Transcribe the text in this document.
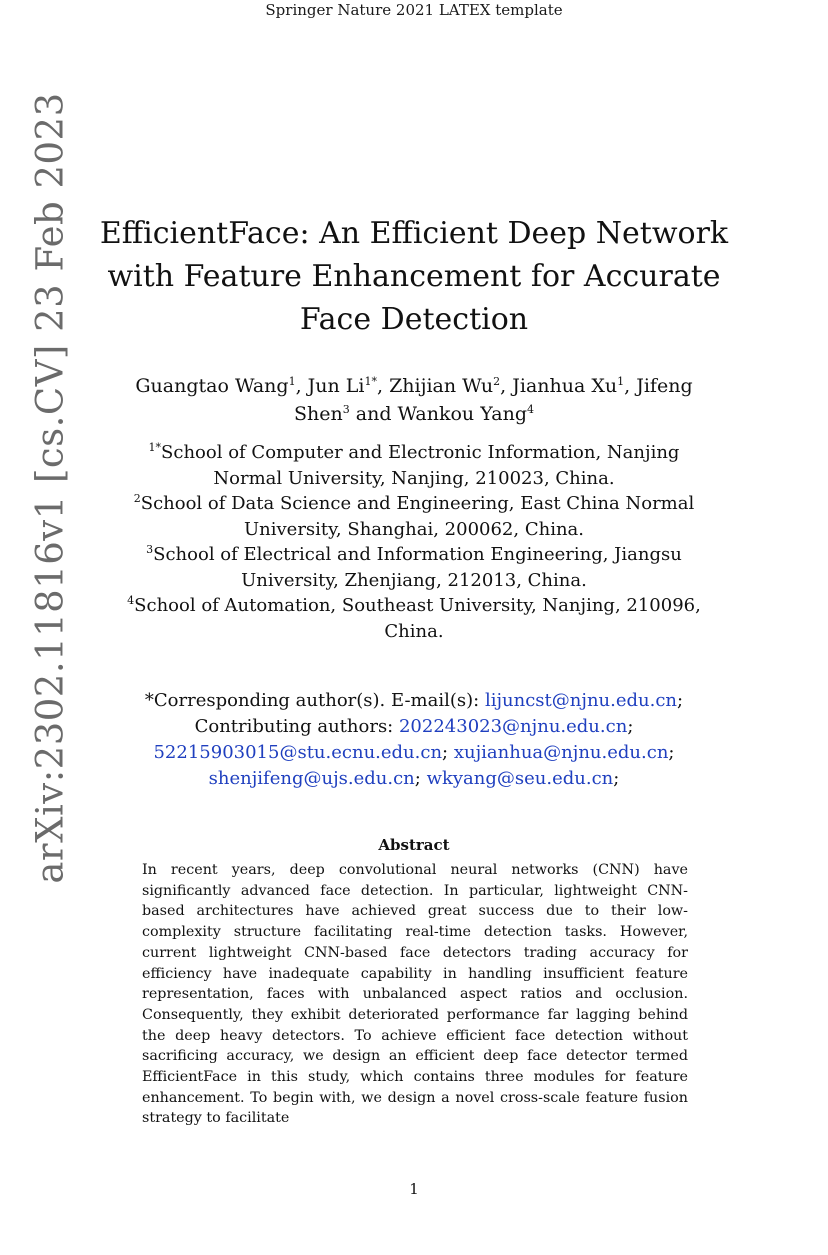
Springer Nature 2021 LATEX template
arXiv:2302.11816v1 [cs.CV] 23 Feb 2023 EfficientFace: An Efficient Deep Network with Feature Enhancement for Accurate Face Detection
Guangtao Wang$^1$, Jun $Li^{1*}$, Zhijian Wu$^2$, Jianhua Xu$^1$, Jifeng Shen$^3$ and Wankou Yang$^4$
$^{1*}$School of Computer and Electronic Information, Nanjing Normal University, Nanjing, 210023, China.
$^2$School of Data Science and Engineering, East China Normal University, Shanghai, 200062, China.
$^3$School of Electrical and Information Engineering, Jiangsu University, Zhenjiang, 212013, China.
$^4$School of Automation, Southeast University, Nanjing, 210096, China.
*Corresponding author(s). E-mail(s): lijuncst@njnu.edu.cn; Contributing authors: 202243023@njnu.edu.cn; 52215903015@stu.ecnu.edu.cn; xujianhua@njnu.edu.cn; shenjifeng@ujs.edu.cn; wkyang@seu.edu.cn;
Abstract

In recent years, deep convolutional neural networks (CNN) have significantly advanced face detection. In particular, lightweight CNN-based architectures have achieved great success due to their low-complexity structure facilitating real-time detection tasks. However, current lightweight CNN-based face detectors trading accuracy for efficiency have inadequate capability in handling insufficient feature representation, faces with unbalanced aspect ratios and occlusion. Consequently, they exhibit deteriorated performance far lagging behind the deep heavy detectors. To achieve efficient face detection without sacrificing accuracy, we design an efficient deep face detector termed EfficientFace in this study, which contains three modules for feature enhancement. To begin with, we design a novel cross-scale feature fusion strategy to facilitate

1
